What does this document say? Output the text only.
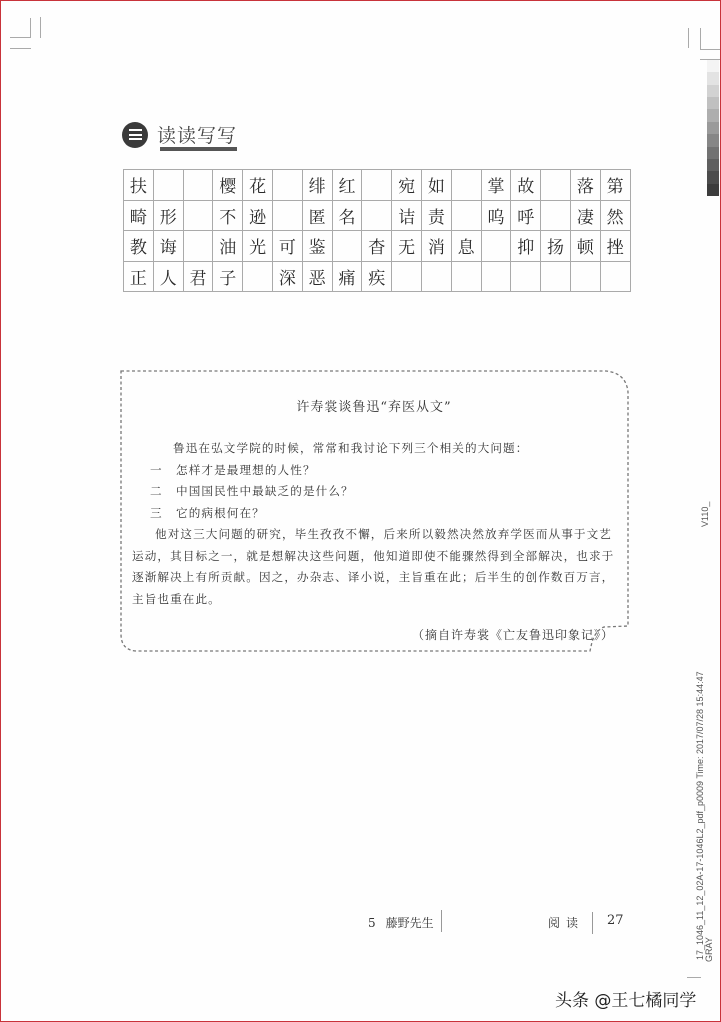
读读写写
扶			樱	花		绯	红		宛	如		掌	故		落	第
畸	形		不	逊		匿	名		诘	责		呜	呼		凄	然
教	诲		油	光	可	鉴		杳	无	消	息		抑	扬	顿	挫
正	人	君	子		深	恶	痛	疾								
许寿裳谈鲁迅“弃医从文”

鲁迅在弘文学院的时候，常常和我讨论下列三个相关的大问题：

一 怎样才是最理想的人性？

二 中国国民性中最缺乏的是什么？

三 它的病根何在？

他对这三大问题的研究，毕生孜孜不懈，后来所以毅然决然放弃学医而从事于文艺运动，其目标之一，就是想解决这些问题，他知道即使不能骤然得到全部解决，也求于逐渐解决上有所贡献。因之，办杂志、译小说，主旨重在此；后半生的创作数百万言，主旨也重在此。

（摘自许寿裳《亡友鲁迅印象记》）
5 藤野先生	阅读 27
V110_
17_1046_11_12_02A-17-1046L2_pdf_p0009 Time: 2017/07/28 15:44:47 GRAY
头条 @王七橘同学
